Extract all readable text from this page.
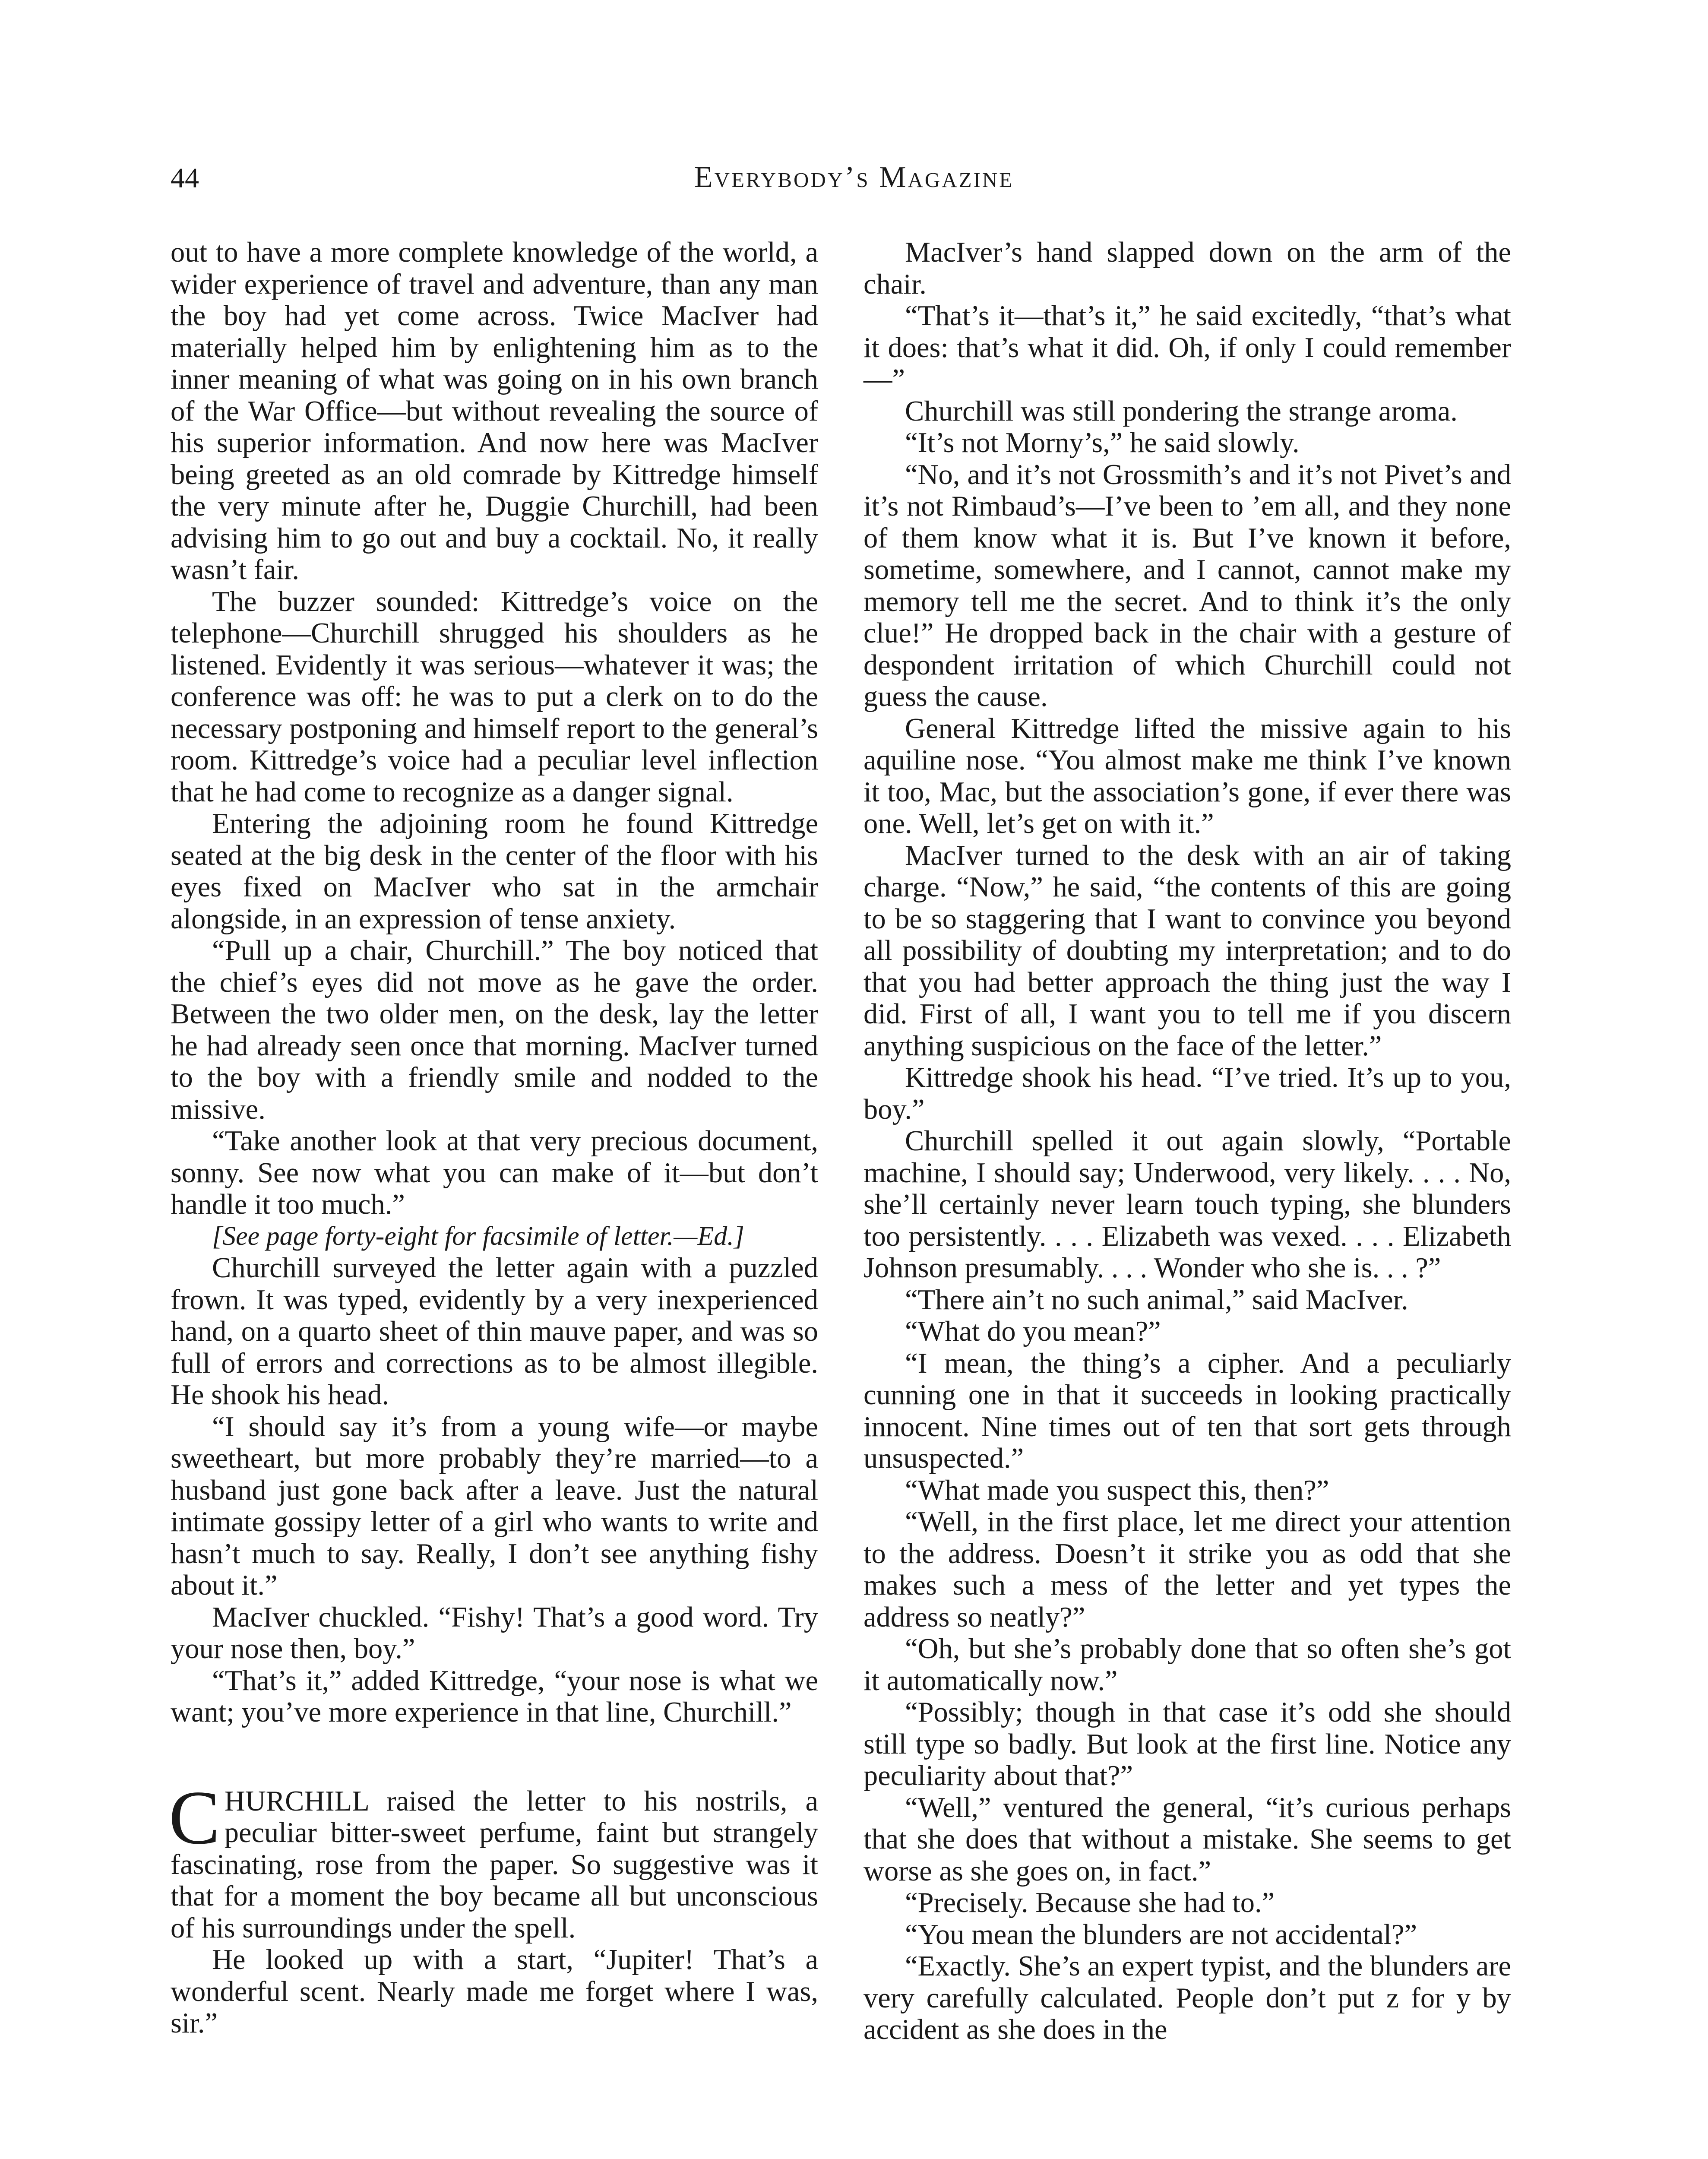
44	Everybody’s Magazine

out to have a more complete knowledge of the world, a wider experience of travel and adventure, than any man the boy had yet come across. Twice MacIver had materially helped him by enlightening him as to the inner meaning of what was going on in his own branch of the War Office—but without revealing the source of his superior information. And now here was MacIver being greeted as an old comrade by Kittredge himself the very minute after he, Duggie Churchill, had been advising him to go out and buy a cocktail. No, it really wasn’t fair.

The buzzer sounded: Kittredge’s voice on the telephone—Churchill shrugged his shoulders as he listened. Evidently it was serious—whatever it was; the conference was off: he was to put a clerk on to do the necessary postponing and himself report to the general’s room. Kittredge’s voice had a peculiar level inflection that he had come to recognize as a danger signal.

Entering the adjoining room he found Kittredge seated at the big desk in the center of the floor with his eyes fixed on MacIver who sat in the armchair alongside, in an expression of tense anxiety.

“Pull up a chair, Churchill.” The boy noticed that the chief’s eyes did not move as he gave the order. Between the two older men, on the desk, lay the letter he had already seen once that morning. MacIver turned to the boy with a friendly smile and nodded to the missive.

“Take another look at that very precious document, sonny. See now what you can make of it—but don’t handle it too much.”

[See page forty-eight for facsimile of letter.—Ed.]

Churchill surveyed the letter again with a puzzled frown. It was typed, evidently by a very inexperienced hand, on a quarto sheet of thin mauve paper, and was so full of errors and corrections as to be almost illegible. He shook his head.

“I should say it’s from a young wife—or maybe sweetheart, but more probably they’re married—to a husband just gone back after a leave. Just the natural intimate gossipy letter of a girl who wants to write and hasn’t much to say. Really, I don’t see anything fishy about it.”

MacIver chuckled. “Fishy! That’s a good word. Try your nose then, boy.”

“That’s it,” added Kittredge, “your nose is what we want; you’ve more experience in that line, Churchill.”

CHURCHILL raised the letter to his nostrils, a peculiar bitter-sweet perfume, faint but strangely fascinating, rose from the paper. So suggestive was it that for a moment the boy became all but unconscious of his surroundings under the spell.

He looked up with a start, “Jupiter! That’s a wonderful scent. Nearly made me forget where I was, sir.”

MacIver’s hand slapped down on the arm of the chair.

“That’s it—that’s it,” he said excitedly, “that’s what it does: that’s what it did. Oh, if only I could remember—”

Churchill was still pondering the strange aroma.

“It’s not Morny’s,” he said slowly.

“No, and it’s not Grossmith’s and it’s not Pivet’s and it’s not Rimbaud’s—I’ve been to ’em all, and they none of them know what it is. But I’ve known it before, sometime, somewhere, and I cannot, cannot make my memory tell me the secret. And to think it’s the only clue!” He dropped back in the chair with a gesture of despondent irritation of which Churchill could not guess the cause.

General Kittredge lifted the missive again to his aquiline nose. “You almost make me think I’ve known it too, Mac, but the association’s gone, if ever there was one. Well, let’s get on with it.”

MacIver turned to the desk with an air of taking charge. “Now,” he said, “the contents of this are going to be so staggering that I want to convince you beyond all possibility of doubting my interpretation; and to do that you had better approach the thing just the way I did. First of all, I want you to tell me if you discern anything suspicious on the face of the letter.”

Kittredge shook his head. “I’ve tried. It’s up to you, boy.”

Churchill spelled it out again slowly, “Portable machine, I should say; Underwood, very likely. . . . No, she’ll certainly never learn touch typing, she blunders too persistently. . . . Elizabeth was vexed. . . . Elizabeth Johnson presumably. . . . Wonder who she is. . . ?”

“There ain’t no such animal,” said MacIver.

“What do you mean?”

“I mean, the thing’s a cipher. And a peculiarly cunning one in that it succeeds in looking practically innocent. Nine times out of ten that sort gets through unsuspected.”

“What made you suspect this, then?”

“Well, in the first place, let me direct your attention to the address. Doesn’t it strike you as odd that she makes such a mess of the letter and yet types the address so neatly?”

“Oh, but she’s probably done that so often she’s got it automatically now.”

“Possibly; though in that case it’s odd she should still type so badly. But look at the first line. Notice any peculiarity about that?”

“Well,” ventured the general, “it’s curious perhaps that she does that without a mistake. She seems to get worse as she goes on, in fact.”

“Precisely. Because she had to.”

“You mean the blunders are not accidental?”

“Exactly. She’s an expert typist, and the blunders are very carefully calculated. People don’t put z for y by accident as she does in the
